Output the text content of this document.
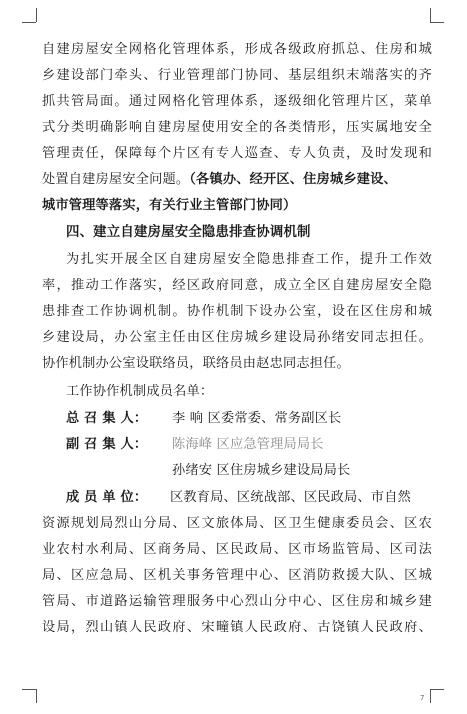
自建房屋安全网格化管理体系，形成各级政府抓总、住房和城
乡建设部门牵头、行业管理部门协同、基层组织末端落实的齐
抓共管局面。通过网格化管理体系，逐级细化管理片区，菜单
式分类明确影响自建房屋使用安全的各类情形，压实属地安全
管理责任，保障每个片区有专人巡查、专人负责，及时发现和
处置自建房屋安全问题。（各镇办、经开区、住房城乡建设、
城市管理等落实，有关行业主管部门协同）
四、建立自建房屋安全隐患排查协调机制
为扎实开展全区自建房屋安全隐患排查工作，提升工作效
率，推动工作落实，经区政府同意，成立全区自建房屋安全隐
患排查工作协调机制。协作机制下设办公室，设在区住房和城
乡建设局，办公室主任由区住房城乡建设局孙绪安同志担任。
协作机制办公室设联络员，联络员由赵忠同志担任。
工作协作机制成员名单：
总 召 集 人： 李 响 区委常委、常务副区长
副 召 集 人： 陈海峰 区应急管理局局长
孙绪安 区住房城乡建设局局长
成 员 单 位： 区教育局、区统战部、区民政局、市自然
资源规划局烈山分局、区文旅体局、区卫生健康委员会、区农
业农村水利局、区商务局、区民政局、区市场监管局、区司法
局、区应急局、区机关事务管理中心、区消防救援大队、区城
管局、市道路运输管理服务中心烈山分中心、区住房和城乡建
设局，烈山镇人民政府、宋疃镇人民政府、古饶镇人民政府、
7
